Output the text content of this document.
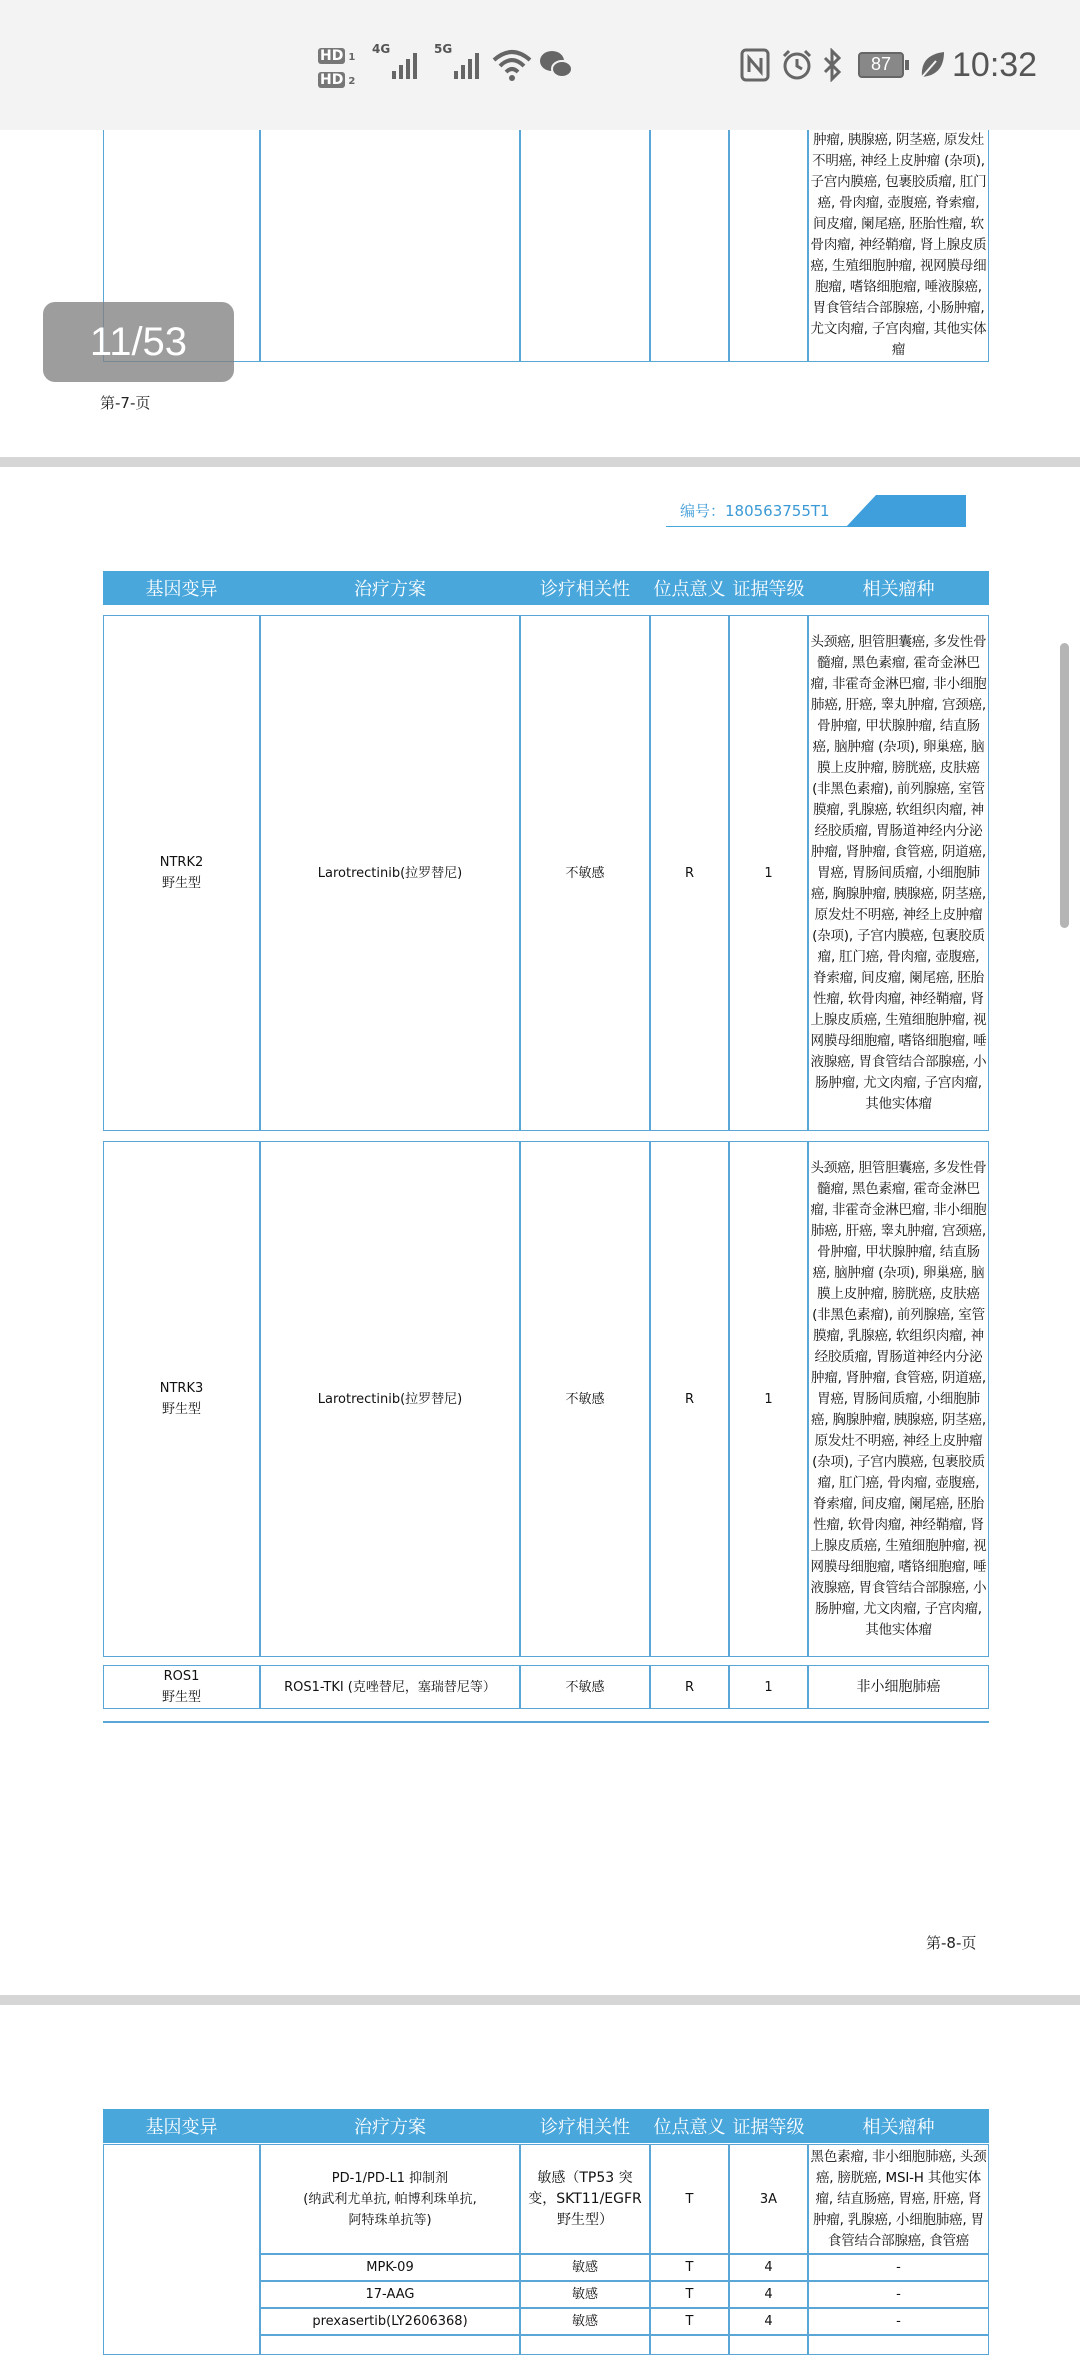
HD 1
HD 2
4G	5G
87	10:32
					肿瘤, 胰腺癌, 阴茎癌, 原发灶不明癌, 神经上皮肿瘤 (杂项), 子宫内膜癌, 包裹胶质瘤, 肛门癌, 骨肉瘤, 壶腹癌, 脊索瘤, 间皮瘤, 阑尾癌, 胚胎性瘤, 软骨肉瘤, 神经鞘瘤, 肾上腺皮质癌, 生殖细胞肿瘤, 视网膜母细胞瘤, 嗜铬细胞瘤, 唾液腺癌, 胃食管结合部腺癌, 小肠肿瘤, 尤文肉瘤, 子宫肉瘤, 其他实体瘤
第-7-页
编号：180563755T1
基因变异	治疗方案	诊疗相关性	位点意义 证据等级	相关瘤种
NTRK2
野生型
	Larotrectinib(拉罗替尼)	不敏感	R	1	头颈癌, 胆管胆囊癌, 多发性骨髓瘤, 黑色素瘤, 霍奇金淋巴瘤, 非霍奇金淋巴瘤, 非小细胞肺癌, 肝癌, 睾丸肿瘤, 宫颈癌, 骨肿瘤, 甲状腺肿瘤, 结直肠癌, 脑肿瘤 (杂项), 卵巢癌, 脑膜上皮肿瘤, 膀胱癌, 皮肤癌 (非黑色素瘤), 前列腺癌, 室管膜瘤, 乳腺癌, 软组织肉瘤, 神经胶质瘤, 胃肠道神经内分泌肿瘤, 肾肿瘤, 食管癌, 阴道癌, 胃癌, 胃肠间质瘤, 小细胞肺癌, 胸腺肿瘤, 胰腺癌, 阴茎癌, 原发灶不明癌, 神经上皮肿瘤 (杂项), 子宫内膜癌, 包裹胶质瘤, 肛门癌, 骨肉瘤, 壶腹癌, 脊索瘤, 间皮瘤, 阑尾癌, 胚胎性瘤, 软骨肉瘤, 神经鞘瘤, 肾上腺皮质癌, 生殖细胞肿瘤, 视网膜母细胞瘤, 嗜铬细胞瘤, 唾液腺癌, 胃食管结合部腺癌, 小肠肿瘤, 尤文肉瘤, 子宫肉瘤, 其他实体瘤
NTRK3
野生型
	Larotrectinib(拉罗替尼)	不敏感	R	1	头颈癌, 胆管胆囊癌, 多发性骨髓瘤, 黑色素瘤, 霍奇金淋巴瘤, 非霍奇金淋巴瘤, 非小细胞肺癌, 肝癌, 睾丸肿瘤, 宫颈癌, 骨肿瘤, 甲状腺肿瘤, 结直肠癌, 脑肿瘤 (杂项), 卵巢癌, 脑膜上皮肿瘤, 膀胱癌, 皮肤癌 (非黑色素瘤), 前列腺癌, 室管膜瘤, 乳腺癌, 软组织肉瘤, 神经胶质瘤, 胃肠道神经内分泌肿瘤, 肾肿瘤, 食管癌, 阴道癌, 胃癌, 胃肠间质瘤, 小细胞肺癌, 胸腺肿瘤, 胰腺癌, 阴茎癌, 原发灶不明癌, 神经上皮肿瘤 (杂项), 子宫内膜癌, 包裹胶质瘤, 肛门癌, 骨肉瘤, 壶腹癌, 脊索瘤, 间皮瘤, 阑尾癌, 胚胎性瘤, 软骨肉瘤, 神经鞘瘤, 肾上腺皮质癌, 生殖细胞肿瘤, 视网膜母细胞瘤, 嗜铬细胞瘤, 唾液腺癌, 胃食管结合部腺癌, 小肠肿瘤, 尤文肉瘤, 子宫肉瘤, 其他实体瘤
ROS1
野生型
	ROS1-TKI (克唑替尼，塞瑞替尼等）	不敏感	R	1	非小细胞肺癌
第-8-页
基因变异	治疗方案	诊疗相关性	位点意义 证据等级	相关瘤种

	PD-1/PD-L1 抑制剂
(纳武利尤单抗, 帕博利珠单抗,
阿特珠单抗等)	敏感（TP53 突变，SKT11/EGFR 野生型）	T	3A	黑色素瘤, 非小细胞肺癌, 头颈癌, 膀胱癌, MSI-H 其他实体瘤, 结直肠癌, 胃癌, 肝癌, 肾肿瘤, 乳腺癌, 小细胞肺癌, 胃食管结合部腺癌, 食管癌
	MPK-09	敏感	T	4	-
	17-AAG	敏感	T	4	-
	prexasertib(LY2606368)	敏感	T	4	-

11/53
